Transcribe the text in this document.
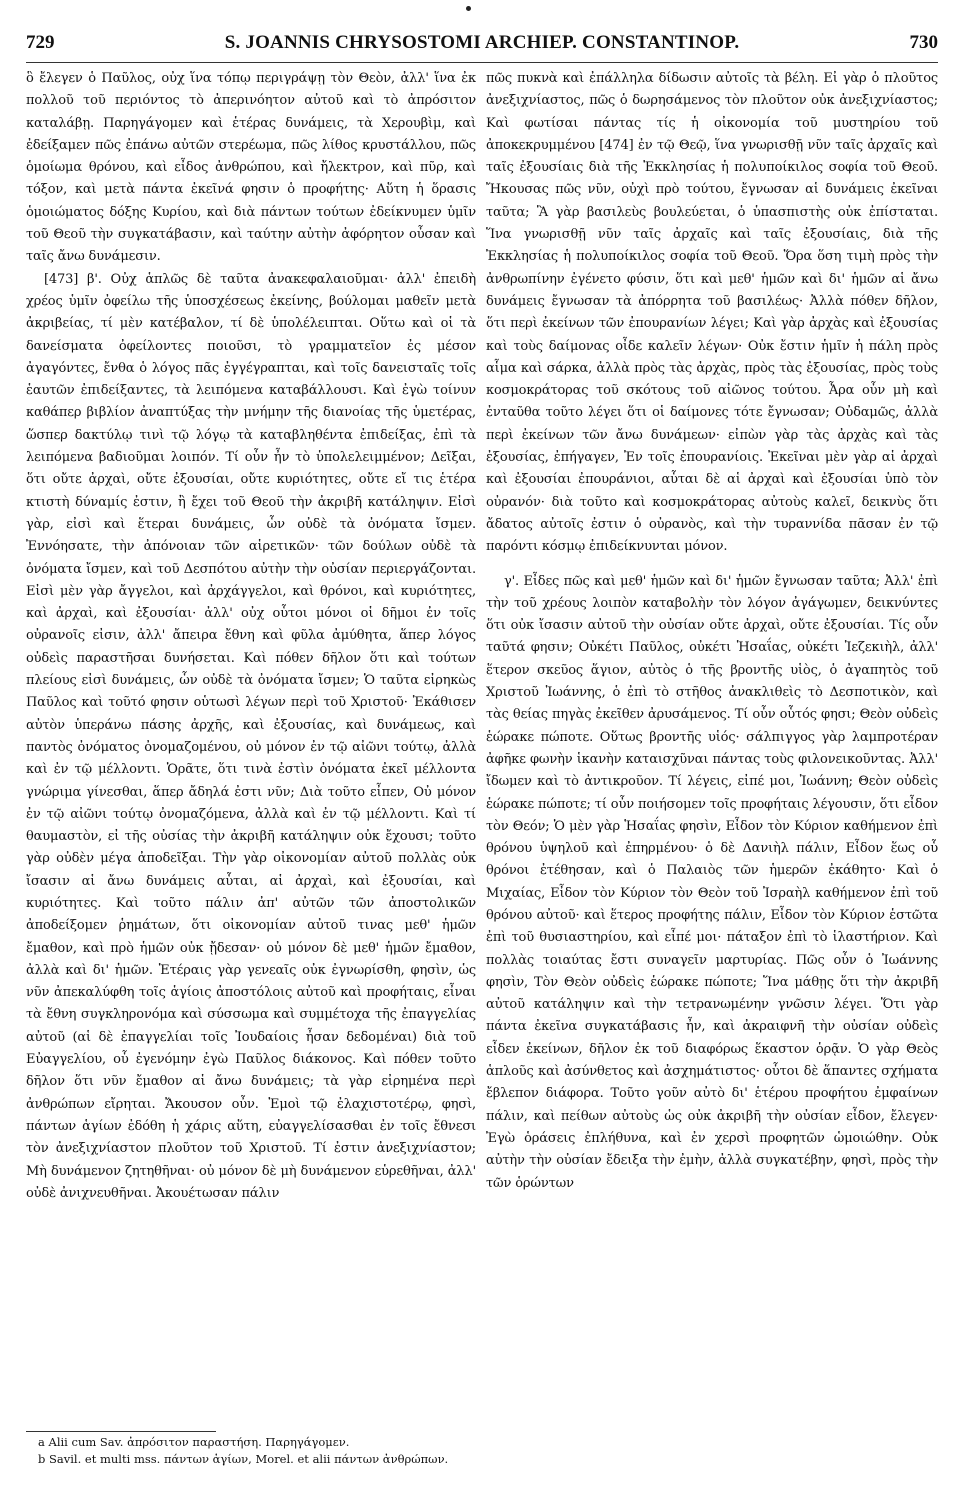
729	S. JOANNIS CHRYSOSTOMI ARCHIEP. CONSTANTINOP.	730

ὃ ἔλεγεν ὁ Παῦλος, οὐχ ἵνα τόπῳ περιγράψῃ τὸν Θεὸν, ἀλλ' ἵνα ἐκ πολλοῦ τοῦ περιόντος τὸ ἀπερινόητον αὐτοῦ καὶ τὸ ἀπρόσιτον καταλάβῃ. Παρηγάγομεν καὶ ἑτέρας δυνάμεις, τὰ Χερουβὶμ, καὶ ἐδείξαμεν πῶς ἐπάνω αὐτῶν στερέωμα, πῶς λίθος κρυστάλλου, πῶς ὁμοίωμα θρόνου, καὶ εἶδος ἀνθρώπου, καὶ ἤλεκτρον, καὶ πῦρ, καὶ τόξον, καὶ μετὰ πάντα ἐκεῖνά φησιν ὁ προφήτης· Αὕτη ἡ ὅρασις ὁμοιώματος δόξης Κυρίου, καὶ διὰ πάντων τούτων ἐδείκνυμεν ὑμῖν τοῦ Θεοῦ τὴν συγκατάβασιν, καὶ ταύτην αὐτὴν ἀφόρητον οὖσαν καὶ ταῖς ἄνω δυνάμεσιν.

[473] β'. Οὐχ ἁπλῶς δὲ ταῦτα ἀνακεφαλαιοῦμαι· ἀλλ' ἐπειδὴ χρέος ὑμῖν ὀφείλω τῆς ὑποσχέσεως ἐκείνης, βούλομαι μαθεῖν μετὰ ἀκριβείας, τί μὲν κατέβαλον, τί δὲ ὑπολέλειπται. Οὕτω καὶ οἱ τὰ δανείσματα ὀφείλοντες ποιοῦσι, τὸ γραμματεῖον ἐς μέσον ἀγαγόντες, ἔνθα ὁ λόγος πᾶς ἐγγέγραπται, καὶ τοῖς δανεισταῖς τοῖς ἑαυτῶν ἐπιδείξαντες, τὰ λειπόμενα καταβάλλουσι. Καὶ ἐγὼ τοίνυν καθάπερ βιβλίον ἀναπτύξας τὴν μνήμην τῆς διανοίας τῆς ὑμετέρας, ὥσπερ δακτύλῳ τινὶ τῷ λόγῳ τὰ καταβληθέντα ἐπιδείξας, ἐπὶ τὰ λειπόμενα βαδιοῦμαι λοιπόν. Τί οὖν ἦν τὸ ὑπολελειμμένον; Δεῖξαι, ὅτι οὔτε ἀρχαὶ, οὔτε ἐξουσίαι, οὔτε κυριότητες, οὔτε εἴ τις ἑτέρα κτιστὴ δύναμίς ἐστιν, ἢ ἔχει τοῦ Θεοῦ τὴν ἀκριβῆ κατάληψιν. Εἰσὶ γὰρ, εἰσὶ καὶ ἕτεραι δυνάμεις, ὧν οὐδὲ τὰ ὀνόματα ἴσμεν. Ἐννόησατε, τὴν ἀπόνοιαν τῶν αἱρετικῶν· τῶν δούλων οὐδὲ τὰ ὀνόματα ἴσμεν, καὶ τοῦ Δεσπότου αὐτὴν τὴν οὐσίαν περιεργάζονται. Εἰσὶ μὲν γὰρ ἄγγελοι, καὶ ἀρχάγγελοι, καὶ θρόνοι, καὶ κυριότητες, καὶ ἀρχαὶ, καὶ ἐξουσίαι· ἀλλ' οὐχ οὗτοι μόνοι οἱ δῆμοι ἐν τοῖς οὐρανοῖς εἰσιν, ἀλλ' ἄπειρα ἔθνη καὶ φῦλα ἀμύθητα, ἅπερ λόγος οὐδεὶς παραστῆσαι δυνήσεται. Καὶ πόθεν δῆλον ὅτι καὶ τούτων πλείους εἰσὶ δυνάμεις, ὧν οὐδὲ τὰ ὀνόματα ἴσμεν; Ὁ ταῦτα εἰρηκὼς Παῦλος καὶ τοῦτό φησιν οὑτωσὶ λέγων περὶ τοῦ Χριστοῦ· Ἐκάθισεν αὐτὸν ὑπεράνω πάσης ἀρχῆς, καὶ ἐξουσίας, καὶ δυνάμεως, καὶ παντὸς ὀνόματος ὀνομαζομένου, οὐ μόνον ἐν τῷ αἰῶνι τούτῳ, ἀλλὰ καὶ ἐν τῷ μέλλοντι. Ὁρᾶτε, ὅτι τινὰ ἐστὶν ὀνόματα ἐκεῖ μέλλοντα γνώριμα γίνεσθαι, ἅπερ ἄδηλά ἐστι νῦν; Διὰ τοῦτο εἶπεν, Οὐ μόνον ἐν τῷ αἰῶνι τούτῳ ὀνομαζόμενα, ἀλλὰ καὶ ἐν τῷ μέλλοντι. Καὶ τί θαυμαστὸν, εἰ τῆς οὐσίας τὴν ἀκριβῆ κατάληψιν οὐκ ἔχουσι; τοῦτο γὰρ οὐδὲν μέγα ἀποδεῖξαι. Τὴν γὰρ οἰκονομίαν αὐτοῦ πολλὰς οὐκ ἴσασιν αἱ ἄνω δυνάμεις αὗται, αἱ ἀρχαὶ, καὶ ἐξουσίαι, καὶ κυριότητες. Καὶ τοῦτο πάλιν ἀπ' αὐτῶν τῶν ἀποστολικῶν ἀποδείξομεν ῥημάτων, ὅτι οἰκονομίαν αὐτοῦ τινας μεθ' ἡμῶν ἔμαθον, καὶ πρὸ ἡμῶν οὐκ ᾔδεσαν· οὐ μόνον δὲ μεθ' ἡμῶν ἔμαθον, ἀλλὰ καὶ δι' ἡμῶν. Ἑτέραις γὰρ γενεαῖς οὐκ ἐγνωρίσθη, φησὶν, ὡς νῦν ἀπεκαλύφθη τοῖς ἁγίοις ἀποστόλοις αὐτοῦ καὶ προφήταις, εἶναι τὰ ἔθνη συγκληρονόμα καὶ σύσσωμα καὶ συμμέτοχα τῆς ἐπαγγελίας αὐτοῦ (αἱ δὲ ἐπαγγελίαι τοῖς Ἰουδαίοις ἦσαν δεδομέναι) διὰ τοῦ Εὐαγγελίου, οὗ ἐγενόμην ἐγὼ Παῦλος διάκονος. Καὶ πόθεν τοῦτο δῆλον ὅτι νῦν ἔμαθον αἱ ἄνω δυνάμεις; τὰ γὰρ εἰρημένα περὶ ἀνθρώπων εἴρηται. Ἄκουσον οὖν. Ἐμοὶ τῷ ἐλαχιστοτέρῳ, φησὶ, πάντων ἁγίων ἐδόθη ἡ χάρις αὕτη, εὐαγγελίσασθαι ἐν τοῖς ἔθνεσι τὸν ἀνεξιχνίαστον πλοῦτον τοῦ Χριστοῦ. Τί ἐστιν ἀνεξιχνίαστον; Μὴ δυνάμενον ζητηθῆναι· οὐ μόνον δὲ μὴ δυνάμενον εὑρεθῆναι, ἀλλ' οὐδὲ ἀνιχνευθῆναι. Ἀκουέτωσαν πάλιν

πῶς πυκνὰ καὶ ἐπάλληλα δίδωσιν αὐτοῖς τὰ βέλη. Εἰ γὰρ ὁ πλοῦτος ἀνεξιχνίαστος, πῶς ὁ δωρησάμενος τὸν πλοῦτον οὐκ ἀνεξιχνίαστος; Καὶ φωτίσαι πάντας τίς ἡ οἰκονομία τοῦ μυστηρίου τοῦ ἀποκεκρυμμένου [474] ἐν τῷ Θεῷ, ἵνα γνωρισθῇ νῦν ταῖς ἀρχαῖς καὶ ταῖς ἐξουσίαις διὰ τῆς Ἐκκλησίας ἡ πολυποίκιλος σοφία τοῦ Θεοῦ. Ἤκουσας πῶς νῦν, οὐχὶ πρὸ τούτου, ἔγνωσαν αἱ δυνάμεις ἐκεῖναι ταῦτα; Ἃ γὰρ βασιλεὺς βουλεύεται, ὁ ὑπασπιστὴς οὐκ ἐπίσταται. Ἵνα γνωρισθῇ νῦν ταῖς ἀρχαῖς καὶ ταῖς ἐξουσίαις, διὰ τῆς Ἐκκλησίας ἡ πολυποίκιλος σοφία τοῦ Θεοῦ. Ὅρα ὅση τιμὴ πρὸς τὴν ἀνθρωπίνην ἐγένετο φύσιν, ὅτι καὶ μεθ' ἡμῶν καὶ δι' ἡμῶν αἱ ἄνω δυνάμεις ἔγνωσαν τὰ ἀπόρρητα τοῦ βασιλέως· Ἀλλὰ πόθεν δῆλον, ὅτι περὶ ἐκείνων τῶν ἐπουρανίων λέγει; Καὶ γὰρ ἀρχὰς καὶ ἐξουσίας καὶ τοὺς δαίμονας οἶδε καλεῖν λέγων· Οὐκ ἔστιν ἡμῖν ἡ πάλη πρὸς αἷμα καὶ σάρκα, ἀλλὰ πρὸς τὰς ἀρχὰς, πρὸς τὰς ἐξουσίας, πρὸς τοὺς κοσμοκράτορας τοῦ σκότους τοῦ αἰῶνος τούτου. Ἆρα οὖν μὴ καὶ ἐνταῦθα τοῦτο λέγει ὅτι οἱ δαίμονες τότε ἔγνωσαν; Οὐδαμῶς, ἀλλὰ περὶ ἐκείνων τῶν ἄνω δυνάμεων· εἰπὼν γὰρ τὰς ἀρχὰς καὶ τὰς ἐξουσίας, ἐπήγαγεν, Ἐν τοῖς ἐπουρανίοις. Ἐκεῖναι μὲν γὰρ αἱ ἀρχαὶ καὶ ἐξουσίαι ἐπουράνιοι, αὗται δὲ αἱ ἀρχαὶ καὶ ἐξουσίαι ὑπὸ τὸν οὐρανόν· διὰ τοῦτο καὶ κοσμοκράτορας αὐτοὺς καλεῖ, δεικνὺς ὅτι ἄδατος αὐτοῖς ἐστιν ὁ οὐρανὸς, καὶ τὴν τυραννίδα πᾶσαν ἐν τῷ παρόντι κόσμῳ ἐπιδείκνυνται μόνον.

γ'. Εἶδες πῶς καὶ μεθ' ἡμῶν καὶ δι' ἡμῶν ἔγνωσαν ταῦτα; Ἀλλ' ἐπὶ τὴν τοῦ χρέους λοιπὸν καταβολὴν τὸν λόγον ἀγάγωμεν, δεικνύντες ὅτι οὐκ ἴσασιν αὐτοῦ τὴν οὐσίαν οὔτε ἀρχαὶ, οὔτε ἐξουσίαι. Τίς οὖν ταῦτά φησιν; Οὐκέτι Παῦλος, οὐκέτι Ἡσαΐας, οὐκέτι Ἰεζεκιὴλ, ἀλλ' ἕτερον σκεῦος ἅγιον, αὐτὸς ὁ τῆς βροντῆς υἱὸς, ὁ ἀγαπητὸς τοῦ Χριστοῦ Ἰωάννης, ὁ ἐπὶ τὸ στῆθος ἀνακλιθεὶς τὸ Δεσποτικὸν, καὶ τὰς θείας πηγὰς ἐκεῖθεν ἀρυσάμενος. Τί οὖν οὗτός φησι; Θεὸν οὐδεὶς ἑώρακε πώποτε. Οὕτως βροντῆς υἱός· σάλπιγγος γὰρ λαμπροτέραν ἀφῆκε φωνὴν ἱκανὴν καταισχῦναι πάντας τοὺς φιλονεικοῦντας. Ἀλλ' ἴδωμεν καὶ τὸ ἀντικροῦον. Τί λέγεις, εἰπέ μοι, Ἰωάννη; Θεὸν οὐδεὶς ἑώρακε πώποτε; τί οὖν ποιήσομεν τοῖς προφήταις λέγουσιν, ὅτι εἶδον τὸν Θεόν; Ὁ μὲν γὰρ Ἡσαΐας φησὶν, Εἶδον τὸν Κύριον καθήμενον ἐπὶ θρόνου ὑψηλοῦ καὶ ἐπηρμένου· ὁ δὲ Δανιὴλ πάλιν, Εἶδον ἕως οὗ θρόνοι ἐτέθησαν, καὶ ὁ Παλαιὸς τῶν ἡμερῶν ἐκάθητο· Καὶ ὁ Μιχαίας, Εἶδον τὸν Κύριον τὸν Θεὸν τοῦ Ἰσραὴλ καθήμενον ἐπὶ τοῦ θρόνου αὐτοῦ· καὶ ἕτερος προφήτης πάλιν, Εἶδον τὸν Κύριον ἑστῶτα ἐπὶ τοῦ θυσιαστηρίου, καὶ εἶπέ μοι· πάταξον ἐπὶ τὸ ἱλαστήριον. Καὶ πολλὰς τοιαύτας ἔστι συναγεῖν μαρτυρίας. Πῶς οὖν ὁ Ἰωάννης φησὶν, Τὸν Θεὸν οὐδεὶς ἑώρακε πώποτε; Ἵνα μάθῃς ὅτι τὴν ἀκριβῆ αὐτοῦ κατάληψιν καὶ τὴν τετρανωμένην γνῶσιν λέγει. Ὅτι γὰρ πάντα ἐκεῖνα συγκατάβασις ἦν, καὶ ἀκραιφνῆ τὴν οὐσίαν οὐδεὶς εἶδεν ἐκείνων, δῆλον ἐκ τοῦ διαφόρως ἕκαστον ὁρᾷν. Ὁ γὰρ Θεὸς ἁπλοῦς καὶ ἀσύνθετος καὶ ἀσχημάτιστος· οὗτοι δὲ ἅπαντες σχήματα ἔβλεπον διάφορα. Τοῦτο γοῦν αὐτὸ δι' ἑτέρου προφήτου ἐμφαίνων πάλιν, καὶ πείθων αὐτοὺς ὡς οὐκ ἀκριβῆ τὴν οὐσίαν εἶδον, ἔλεγεν· Ἐγὼ ὁράσεις ἐπλήθυνα, καὶ ἐν χερσὶ προφητῶν ὡμοιώθην. Οὐκ αὐτὴν τὴν οὐσίαν ἔδειξα τὴν ἐμὴν, ἀλλὰ συγκατέβην, φησὶ, πρὸς τὴν τῶν ὁρώντων

a Alii cum Sav. ἀπρόσιτον παραστήση. Παρηγάγομεν.

b Savil. et multi mss. πάντων ἁγίων, Morel. et alii πάντων ἀνθρώπων.
